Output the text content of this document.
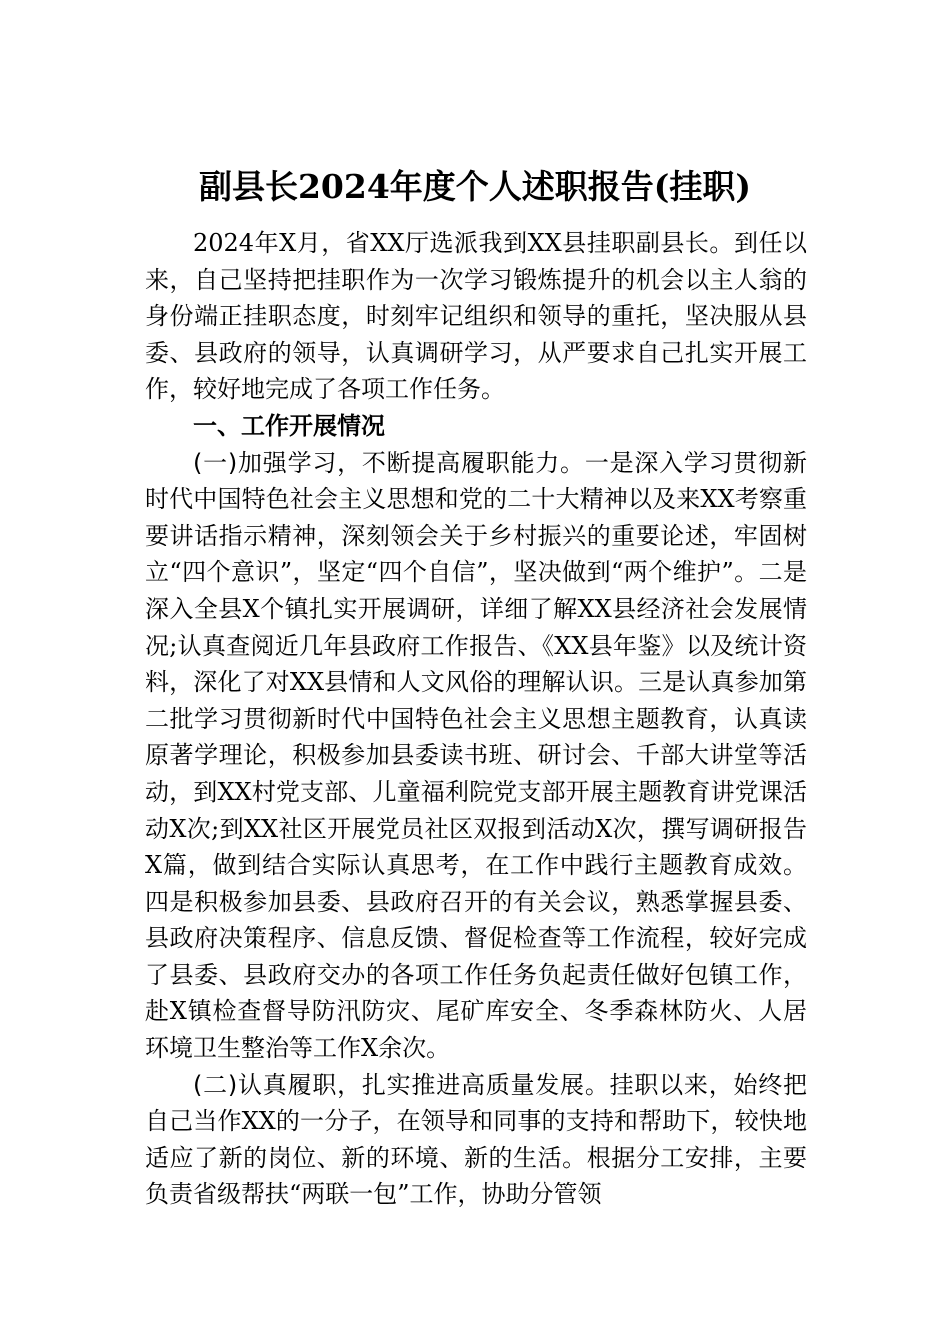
副县长2024年度个人述职报告(挂职)

2024年X月，省XX厅选派我到XX县挂职副县长。到任以来，自己坚持把挂职作为一次学习锻炼提升的机会以主人翁的身份端正挂职态度，时刻牢记组织和领导的重托，坚决服从县委、县政府的领导，认真调研学习，从严要求自己扎实开展工作，较好地完成了各项工作任务。

一、工作开展情况

(一)加强学习，不断提高履职能力。一是深入学习贯彻新时代中国特色社会主义思想和党的二十大精神以及来XX考察重要讲话指示精神，深刻领会关于乡村振兴的重要论述，牢固树立“四个意识”，坚定“四个自信”，坚决做到“两个维护”。二是深入全县X个镇扎实开展调研，详细了解XX县经济社会发展情况;认真查阅近几年县政府工作报告、《XX县年鉴》以及统计资料，深化了对XX县情和人文风俗的理解认识。三是认真参加第二批学习贯彻新时代中国特色社会主义思想主题教育，认真读原著学理论，积极参加县委读书班、研讨会、千部大讲堂等活动，到XX村党支部、儿童福利院党支部开展主题教育讲党课活动X次;到XX社区开展党员社区双报到活动X次，撰写调研报告X篇，做到结合实际认真思考，在工作中践行主题教育成效。四是积极参加县委、县政府召开的有关会议，熟悉掌握县委、县政府决策程序、信息反馈、督促检查等工作流程，较好完成了县委、县政府交办的各项工作任务负起责任做好包镇工作，赴X镇检查督导防汛防灾、尾矿库安全、冬季森林防火、人居环境卫生整治等工作X余次。

(二)认真履职，扎实推进高质量发展。挂职以来，始终把自己当作XX的一分子，在领导和同事的支持和帮助下，较快地适应了新的岗位、新的环境、新的生活。根据分工安排，主要负责省级帮扶“两联一包”工作，协助分管领
